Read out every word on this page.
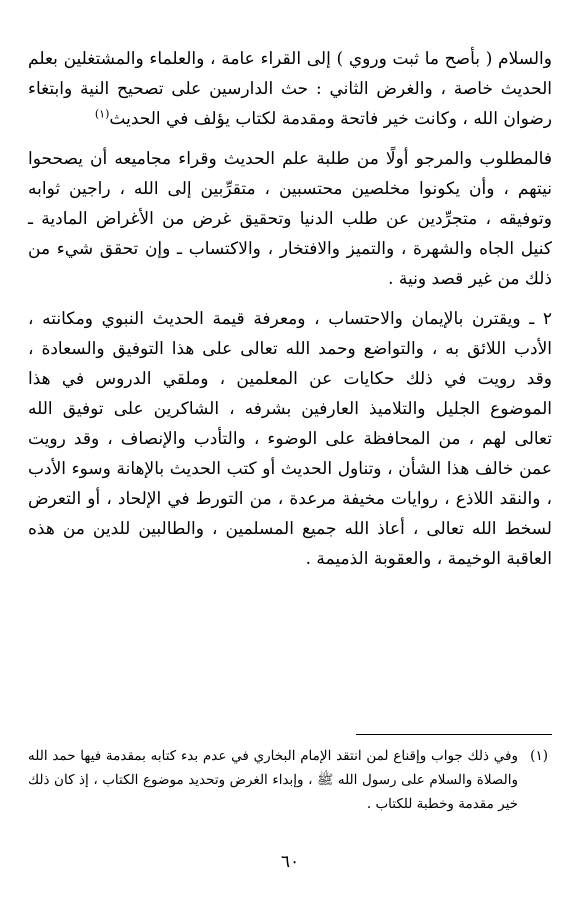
والسلام ( بأصح ما ثبت وروي ) إلى القراء عامة ، والعلماء والمشتغلين بعلم الحديث خاصة ، والغرض الثاني : حث الدارسين على تصحيح النية وابتغاء رضوان الله ، وكانت خير فاتحة ومقدمة لكتاب يؤلف في الحديث$^{(١)}$

فالمطلوب والمرجو أولًا من طلبة علم الحديث وقراء مجاميعه أن يصححوا نيتهم ، وأن يكونوا مخلصين محتسبين ، متقرِّبين إلى الله ، راجين ثوابه وتوفيقه ، متجرِّدين عن طلب الدنيا وتحقيق غرض من الأغراض المادية ـ كنيل الجاه والشهرة ، والتميز والافتخار ، والاكتساب ـ وإن تحقق شيء من ذلك من غير قصد ونية .

٢ ـ ويقترن بالإيمان والاحتساب ، ومعرفة قيمة الحديث النبوي ومكانته ، الأدب اللائق به ، والتواضع وحمد الله تعالى على هذا التوفيق والسعادة ، وقد رويت في ذلك حكايات عن المعلمين ، وملقي الدروس في هذا الموضوع الجليل والتلاميذ العارفين بشرفه ، الشاكرين على توفيق الله تعالى لهم ، من المحافظة على الوضوء ، والتأدب والإنصاف ، وقد رويت عمن خالف هذا الشأن ، وتناول الحديث أو كتب الحديث بالإهانة وسوء الأدب ، والنقد اللاذع ، روايات مخيفة مرعدة ، من التورط في الإلحاد ، أو التعرض لسخط الله تعالى ، أعاذ الله جميع المسلمين ، والطالبين للدين من هذه العاقبة الوخيمة ، والعقوبة الذميمة .

(١)
وفي ذلك جواب وإقناع لمن انتقد الإمام البخاري في عدم بدء كتابه بمقدمة فيها حمد الله والصلاة والسلام على رسول الله ﷺ ، وإبداء الغرض وتحديد موضوع الكتاب ، إذ كان ذلك خير مقدمة وخطبة للكتاب .
٦٠
